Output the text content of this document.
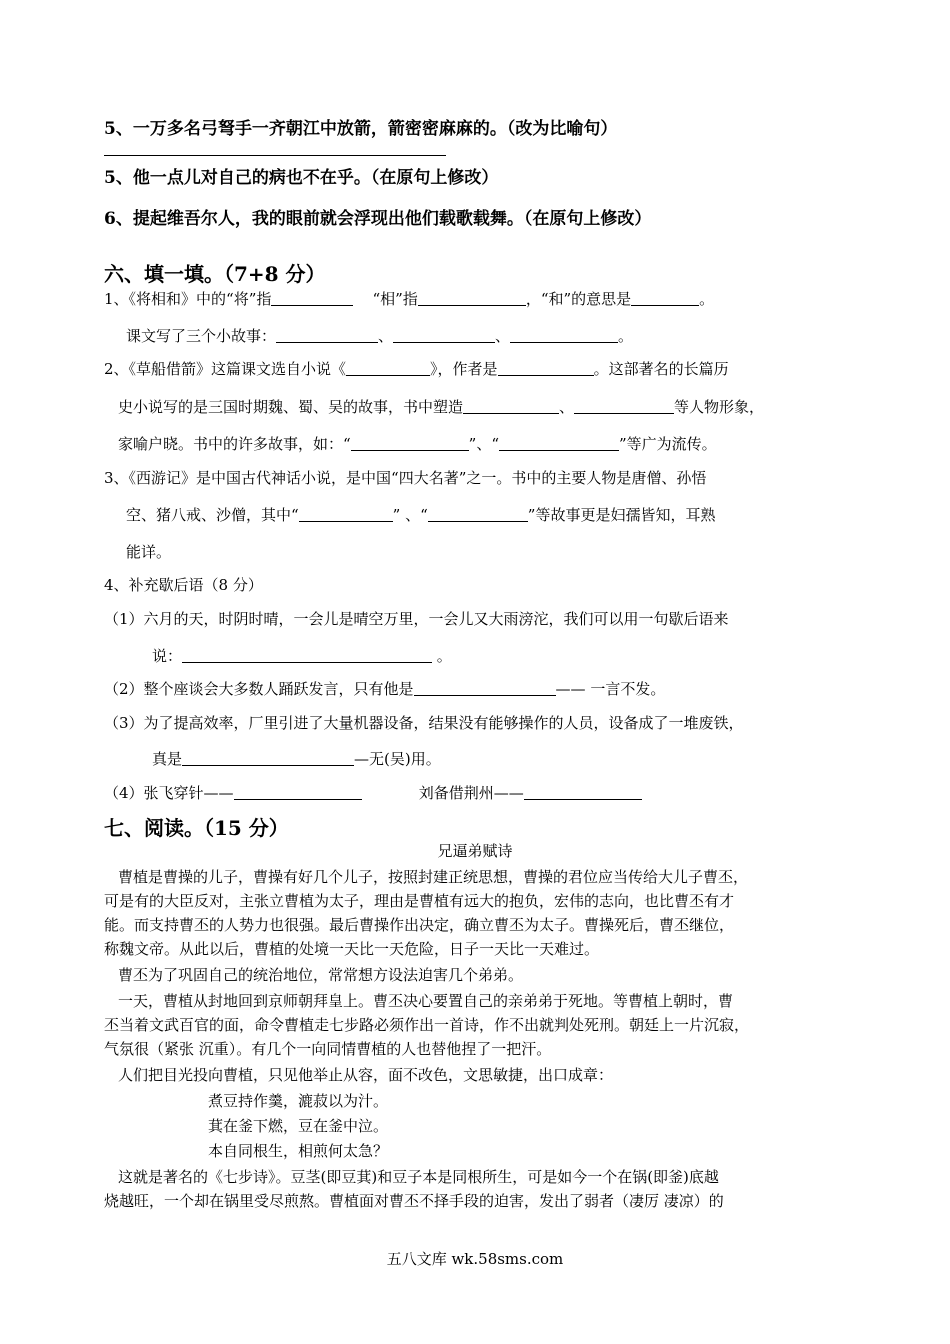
5、一万多名弓弩手一齐朝江中放箭，箭密密麻麻的。（改为比喻句）
5、他一点儿对自己的病也不在乎。（在原句上修改）
6、提起维吾尔人，我的眼前就会浮现出他们载歌载舞。（在原句上修改）
六、填一填。（7+8 分）
1、《将相和》中的“将”指	“相”指	，“和”的意思是	。
课文写了三个小故事：	、	、	。
2、《草船借箭》这篇课文选自小说《	》，作者是	。这部著名的长篇历
史小说写的是三国时期魏、蜀、吴的故事，书中塑造	、	等人物形象，
家喻户晓。书中的许多故事，如：“	”、“	”等广为流传。
3、《西游记》是中国古代神话小说，是中国“四大名著”之一。书中的主要人物是唐僧、孙悟
空、猪八戒、沙僧，其中“	” 、“	”等故事更是妇孺皆知，耳熟
能详。
4、补充歇后语（8 分）
（1）六月的天，时阴时晴，一会儿是晴空万里，一会儿又大雨滂沱，我们可以用一句歇后语来
说：	。
（2）整个座谈会大多数人踊跃发言，只有他是	—— 一言不发。
（3）为了提高效率，厂里引进了大量机器设备，结果没有能够操作的人员，设备成了一堆废铁，
真是	—无(吴)用。
（4）张飞穿针——	刘备借荆州——
七、阅读。（15 分）
兄逼弟赋诗
曹植是曹操的儿子，曹操有好几个儿子，按照封建正统思想，曹操的君位应当传给大儿子曹丕，
可是有的大臣反对，主张立曹植为太子，理由是曹植有远大的抱负，宏伟的志向，也比曹丕有才
能。而支持曹丕的人势力也很强。最后曹操作出决定，确立曹丕为太子。曹操死后，曹丕继位，
称魏文帝。从此以后，曹植的处境一天比一天危险，日子一天比一天难过。
曹丕为了巩固自己的统治地位，常常想方设法迫害几个弟弟。
一天，曹植从封地回到京师朝拜皇上。曹丕决心要置自己的亲弟弟于死地。等曹植上朝时，曹
丕当着文武百官的面，命令曹植走七步路必须作出一首诗，作不出就判处死刑。朝廷上一片沉寂，
气氛很（紧张 沉重）。有几个一向同情曹植的人也替他捏了一把汗。
人们把目光投向曹植，只见他举止从容，面不改色，文思敏捷，出口成章：
煮豆持作羹，漉菽以为汁。
萁在釜下燃，豆在釜中泣。
本自同根生，相煎何太急？
这就是著名的《七步诗》。豆茎(即豆萁)和豆子本是同根所生，可是如今一个在锅(即釜)底越
烧越旺，一个却在锅里受尽煎熬。曹植面对曹丕不择手段的迫害，发出了弱者（凄厉 凄凉）的
五八文库 wk.58sms.com
